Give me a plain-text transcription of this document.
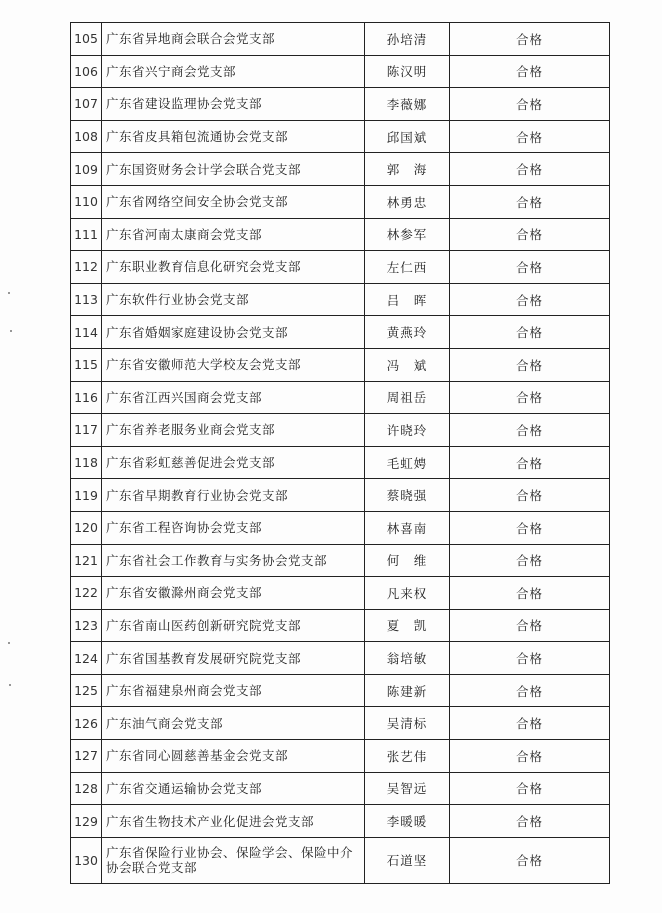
105	广东省异地商会联合会党支部	孙培清	合格
106	广东省兴宁商会党支部	陈汉明	合格
107	广东省建设监理协会党支部	李薇娜	合格
108	广东省皮具箱包流通协会党支部	邱国斌	合格
109	广东国资财务会计学会联合党支部	郭　海	合格
110	广东省网络空间安全协会党支部	林勇忠	合格
111	广东省河南太康商会党支部	林参军	合格
112	广东职业教育信息化研究会党支部	左仁西	合格
113	广东软件行业协会党支部	吕　晖	合格
114	广东省婚姻家庭建设协会党支部	黄燕玲	合格
115	广东省安徽师范大学校友会党支部	冯　斌	合格
116	广东省江西兴国商会党支部	周祖岳	合格
117	广东省养老服务业商会党支部	许晓玲	合格
118	广东省彩虹慈善促进会党支部	毛虹娉	合格
119	广东省早期教育行业协会党支部	蔡晓强	合格
120	广东省工程咨询协会党支部	林喜南	合格
121	广东省社会工作教育与实务协会党支部	何　维	合格
122	广东省安徽滁州商会党支部	凡来权	合格
123	广东省南山医药创新研究院党支部	夏　凯	合格
124	广东省国基教育发展研究院党支部	翁培敏	合格
125	广东省福建泉州商会党支部	陈建新	合格
126	广东油气商会党支部	吴清标	合格
127	广东省同心圆慈善基金会党支部	张艺伟	合格
128	广东省交通运输协会党支部	吴智远	合格
129	广东省生物技术产业化促进会党支部	李暖暖	合格
130	广东省保险行业协会、保险学会、保险中介协会联合党支部	石道坚	合格
